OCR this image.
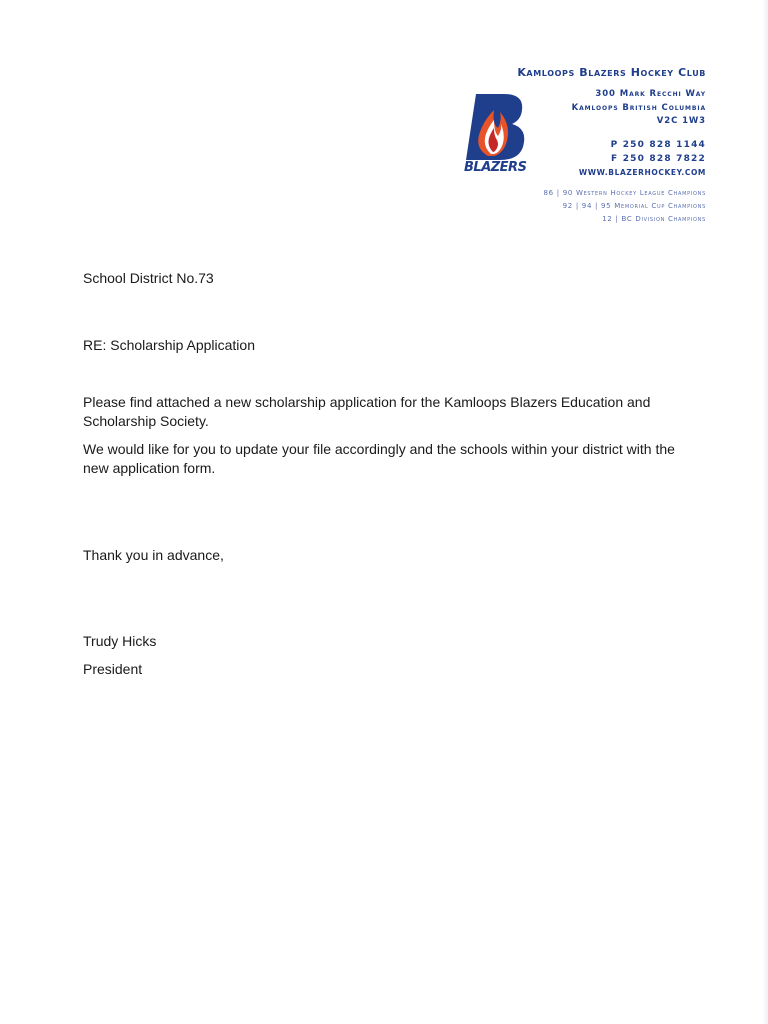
Kamloops Blazers Hockey Club
BLAZERS
300 Mark Recchi Way
Kamloops British Columbia
V2C 1W3
P 250 828 1144
F 250 828 7822
WWW.BLAZERHOCKEY.COM
86 | 90 Western Hockey League Champions
92 | 94 | 95 Memorial Cup Champions
12 | BC Division Champions
School District No.73
RE: Scholarship Application
Please find attached a new scholarship application for the Kamloops Blazers Education and Scholarship Society.
We would like for you to update your file accordingly and the schools within your district with the new application form.
Thank you in advance,
Trudy Hicks
President
